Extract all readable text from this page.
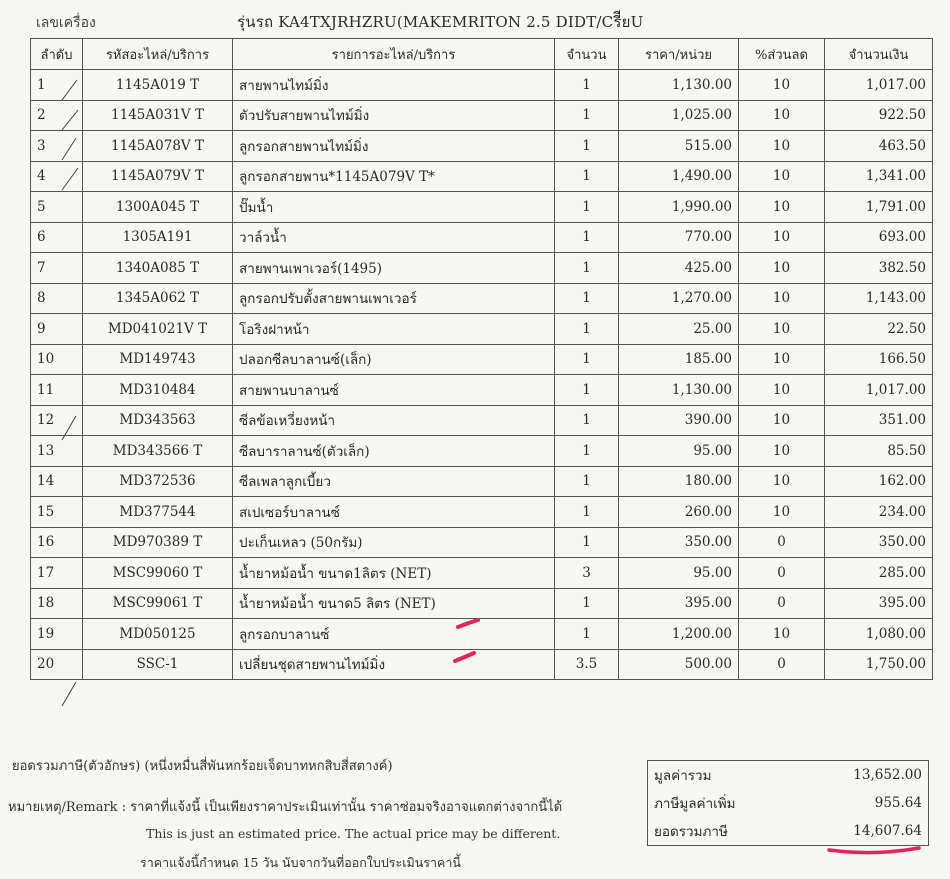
เลขเครื่อง	รุ่นรถ KA4TXJRHZRU(MAKEMRITON 2.5 DIDT/CรีียU
ลำดับ	รหัสอะไหล่/บริการ	รายการอะไหล่/บริการ	จำนวน	ราคา/หน่วย	%ส่วนลด	จำนวนเงิน
1	1145A019 T	สายพานไทม์มิ่ง	1	1,130.00	10	1,017.00
2	1145A031V T	ตัวปรับสายพานไทม์มิ่ง	1	1,025.00	10	922.50
3	1145A078V T	ลูกรอกสายพานไทม์มิ่ง	1	515.00	10	463.50
4	1145A079V T	ลูกรอกสายพาน*1145A079V T*	1	1,490.00	10	1,341.00
5	1300A045 T	ปั๊มน้ำ	1	1,990.00	10	1,791.00
6	1305A191	วาล์วน้ำ	1	770.00	10	693.00
7	1340A085 T	สายพานเพาเวอร์(1495)	1	425.00	10	382.50
8	1345A062 T	ลูกรอกปรับตั้งสายพานเพาเวอร์	1	1,270.00	10	1,143.00
9	MD041021V T	โอริงฝาหน้า	1	25.00	10	22.50
10	MD149743	ปลอกซีลบาลานซ์(เล็ก)	1	185.00	10	166.50
11	MD310484	สายพานบาลานซ์	1	1,130.00	10	1,017.00
12	MD343563	ซีลข้อเหวี่ยงหน้า	1	390.00	10	351.00
13	MD343566 T	ซีลบาราลานซ์(ตัวเล็ก)	1	95.00	10	85.50
14	MD372536	ซีลเพลาลูกเบี้ยว	1	180.00	10	162.00
15	MD377544	สเปเซอร์บาลานซ์	1	260.00	10	234.00
16	MD970389 T	ปะเก็นเหลว (50กรัม)	1	350.00	0	350.00
17	MSC99060 T	น้ำยาหม้อน้ำ ขนาด1ลิตร (NET)	3	95.00	0	285.00
18	MSC99061 T	น้ำยาหม้อน้ำ ขนาด5 ลิตร (NET)	1	395.00	0	395.00
19	MD050125	ลูกรอกบาลานซ์	1	1,200.00	10	1,080.00
20	SSC-1	เปลี่ยนชุดสายพานไทม์มิ่ง	3.5	500.00	0	1,750.00
ยอดรวมภาษี(ตัวอักษร) (หนึ่งหมื่นสี่พันหกร้อยเจ็ดบาทหกสิบสี่สตางค์)
หมายเหตุ/Remark : ราคาที่แจ้งนี้ เป็นเพียงราคาประเมินเท่านั้น ราคาซ่อมจริงอาจแตกต่างจากนี้ได้
This is just an estimated price. The actual price may be different.
ราคาแจ้งนี้กำหนด 15 วัน นับจากวันที่ออกใบประเมินราคานี้
มูลค่ารวม	13,652.00
ภาษีมูลค่าเพิ่ม	955.64
ยอดรวมภาษี	14,607.64
